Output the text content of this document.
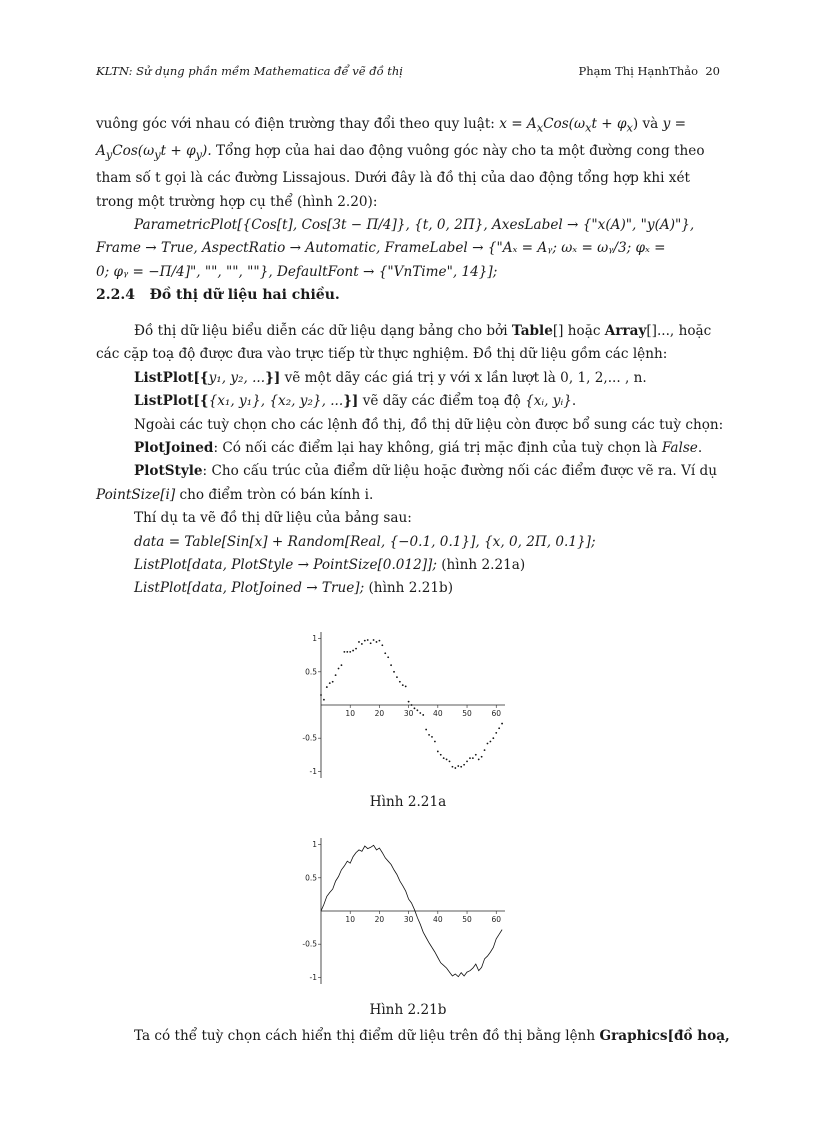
KLTN: Sử dụng phần mềm Mathematica để vẽ đồ thị	Phạm Thị HạnhThảo 20
vuông góc với nhau có điện trường thay đổi theo quy luật: $x = A_xCos(\omega_xt + \varphi_x)$ và y =
$A_yCos(\omega_yt + \varphi_y)$. Tổng hợp của hai dao động vuông góc này cho ta một đường cong theo
tham số t gọi là các đường Lissajous. Dưới đây là đồ thị của dao động tổng hợp khi xét
trong một trường hợp cụ thể (hình 2.20):
ParametricPlot[{Cos[t], Cos[3t − Π/4]}, {t, 0, 2Π}, AxesLabel → {"x(A)", "y(A)"},
Frame → True, AspectRatio → Automatic, FrameLabel → {"Aₓ = Aᵧ; ωₓ = ωᵧ/3; φₓ =
0; φᵧ = −Π/4]", "", "", ""}, DefaultFont → {"VnTime", 14}];
2.2.4 Đồ thị dữ liệu hai chiều.
Đồ thị dữ liệu biểu diễn các dữ liệu dạng bảng cho bởi Table[] hoặc Array[]..., hoặc
các cặp toạ độ được đưa vào trực tiếp từ thực nghiệm. Đồ thị dữ liệu gồm các lệnh:
ListPlot[{y₁, y₂, ...}] vẽ một dãy các giá trị y với x lần lượt là 0, 1, 2,... , n.
ListPlot[{{x₁, y₁}, {x₂, y₂}, ...}] vẽ dãy các điểm toạ độ {xᵢ, yᵢ}.
Ngoài các tuỳ chọn cho các lệnh đồ thị, đồ thị dữ liệu còn được bổ sung các tuỳ chọn:
PlotJoined: Có nối các điểm lại hay không, giá trị mặc định của tuỳ chọn là False.
PlotStyle: Cho cấu trúc của điểm dữ liệu hoặc đường nối các điểm được vẽ ra. Ví dụ
PointSize[i] cho điểm tròn có bán kính i.
Thí dụ ta vẽ đồ thị dữ liệu của bảng sau:
data = Table[Sin[x] + Random[Real, {−0.1, 0.1}], {x, 0, 2Π, 0.1}];
ListPlot[data, PlotStyle → PointSize[0.012]]; (hình 2.21a)
ListPlot[data, PlotJoined → True]; (hình 2.21b)
10	20	30	40	50	60
1
0.5
-0.5
-1
Hình 2.21a
10	20	30	40	50	60
1
0.5
-0.5
-1
Hình 2.21b
Ta có thể tuỳ chọn cách hiển thị điểm dữ liệu trên đồ thị bằng lệnh Graphics[đồ hoạ,
